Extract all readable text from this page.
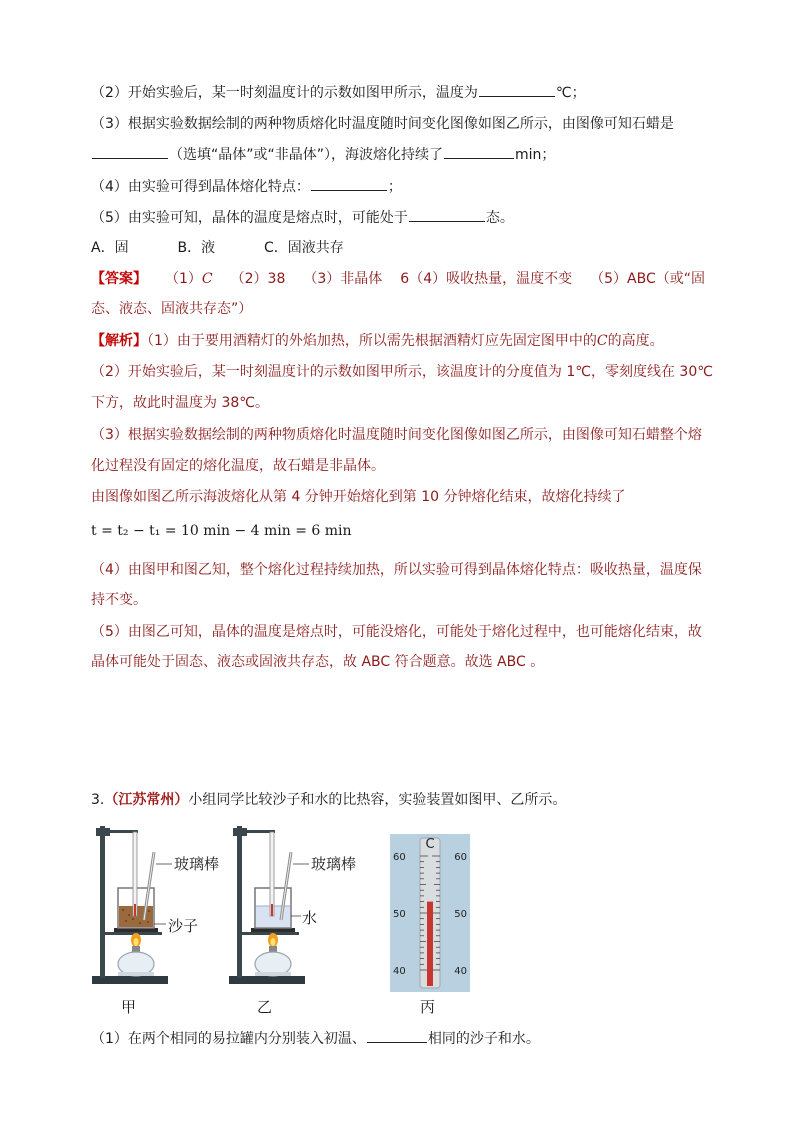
（2）开始实验后，某一时刻温度计的示数如图甲所示，温度为	℃；
（3）根据实验数据绘制的两种物质熔化时温度随时间变化图像如图乙所示，由图像可知石蜡是
（选填“晶体”或“非晶体”），海波熔化持续了	min；
（4）由实验可得到晶体熔化特点：	；
（5）由实验可知，晶体的温度是熔点时，可能处于	态。
A．固	B．液	C．固液共存
【答案】 （1）C （2）38 （3）非晶体 6（4）吸收热量，温度不变 （5）ABC（或“固
态、液态、固液共存态”）
【解析】（1）由于要用酒精灯的外焰加热，所以需先根据酒精灯应先固定图甲中的C的高度。
（2）开始实验后，某一时刻温度计的示数如图甲所示，该温度计的分度值为 1℃，零刻度线在 30℃
下方，故此时温度为 38℃。
（3）根据实验数据绘制的两种物质熔化时温度随时间变化图像如图乙所示，由图像可知石蜡整个熔
化过程没有固定的熔化温度，故石蜡是非晶体。
由图像如图乙所示海波熔化从第 4 分钟开始熔化到第 10 分钟熔化结束，故熔化持续了
t = t₂ − t₁ = 10 min − 4 min = 6 min
（4）由图甲和图乙知，整个熔化过程持续加热，所以实验可得到晶体熔化特点：吸收热量，温度保
持不变。
（5）由图乙可知，晶体的温度是熔点时，可能没熔化，可能处于熔化过程中，也可能熔化结束，故
晶体可能处于固态、液态或固液共存态，故 ABC 符合题意。故选 ABC 。
3.（江苏常州）小组同学比较沙子和水的比热容，实验装置如图甲、乙所示。
玻璃棒
沙子
玻璃棒
水
C
60	60
50	50
40	40
甲	乙	丙
（1）在两个相同的易拉罐内分别装入初温、	相同的沙子和水。
